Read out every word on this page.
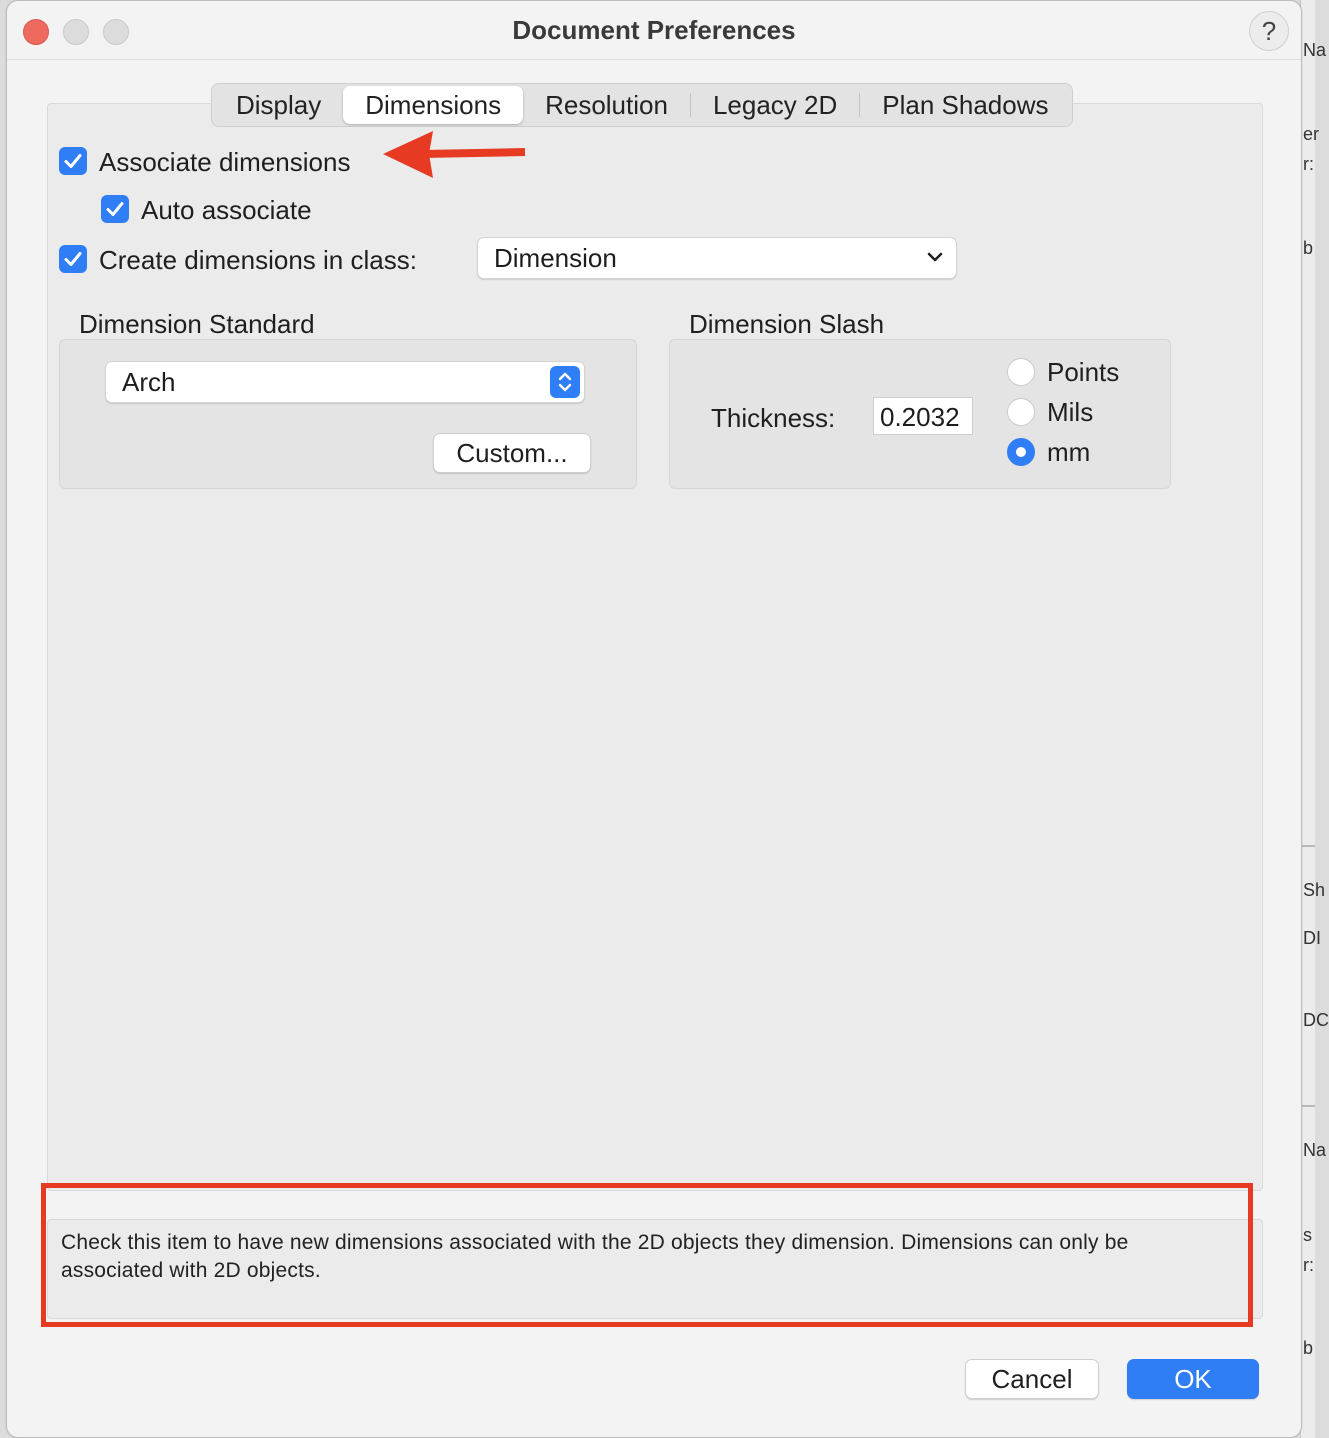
Na
er
r:
b
Sh
DI
DC
Na
s
r:
b
Document Preferences	?
Display	Dimensions	Resolution	Legacy 2D	Plan Shadows
Associate dimensions
Auto associate
Create dimensions in class:	Dimension
Dimension Standard
Arch
Custom...
Dimension Slash
Thickness: 0.2032
Points
Mils
mm
Check this item to have new dimensions associated with the 2D objects they dimension. Dimensions can only be
associated with 2D objects.
Cancel	OK
